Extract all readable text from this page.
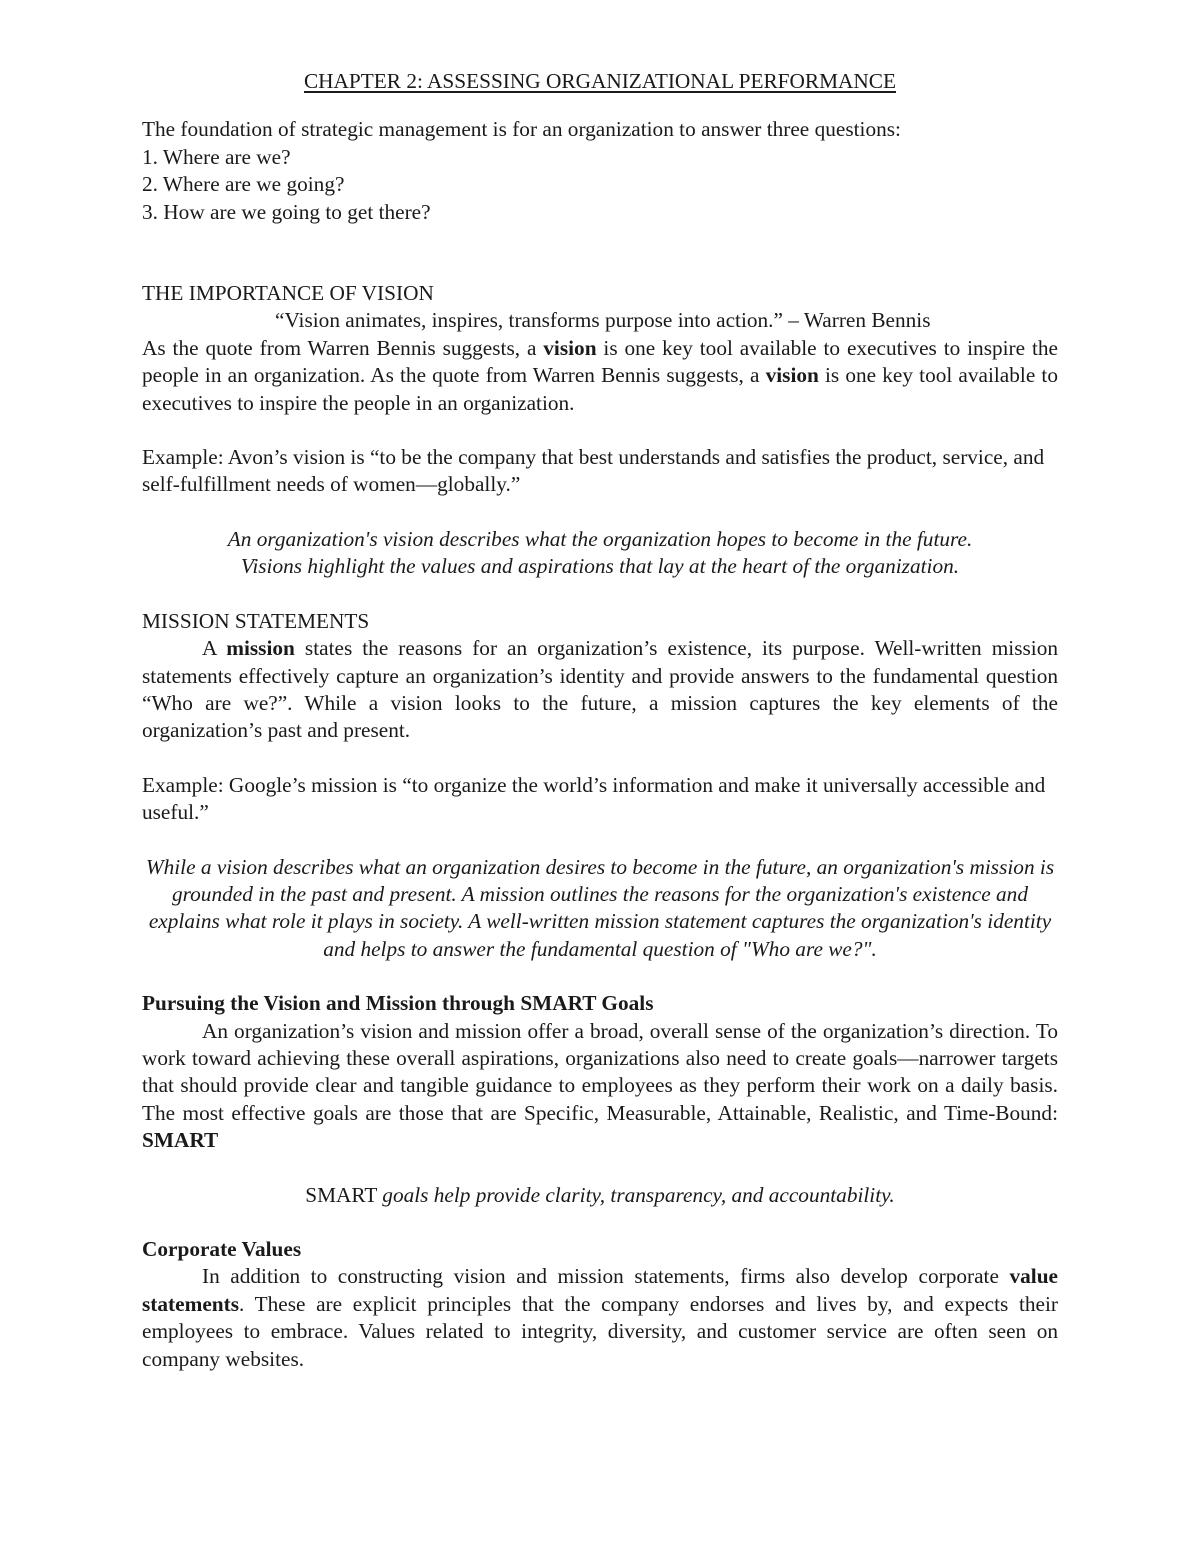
CHAPTER 2: ASSESSING ORGANIZATIONAL PERFORMANCE

The foundation of strategic management is for an organization to answer three questions:

1. Where are we?

2. Where are we going?

3. How are we going to get there?

THE IMPORTANCE OF VISION

“Vision animates, inspires, transforms purpose into action.” – Warren Bennis

As the quote from Warren Bennis suggests, a vision is one key tool available to executives to inspire the people in an organization. As the quote from Warren Bennis suggests, a vision is one key tool available to executives to inspire the people in an organization.

Example: Avon’s vision is “to be the company that best understands and satisfies the product, service, and self-fulfillment needs of women—globally.”

An organization's vision describes what the organization hopes to become in the future.

Visions highlight the values and aspirations that lay at the heart of the organization.

MISSION STATEMENTS

A mission states the reasons for an organization’s existence, its purpose. Well-written mission statements effectively capture an organization’s identity and provide answers to the fundamental question “Who are we?”. While a vision looks to the future, a mission captures the key elements of the organization’s past and present.

Example: Google’s mission is “to organize the world’s information and make it universally accessible and useful.”

While a vision describes what an organization desires to become in the future, an organization's mission is grounded in the past and present. A mission outlines the reasons for the organization's existence and explains what role it plays in society. A well-written mission statement captures the organization's identity and helps to answer the fundamental question of "Who are we?".

Pursuing the Vision and Mission through SMART Goals

An organization’s vision and mission offer a broad, overall sense of the organization’s direction. To work toward achieving these overall aspirations, organizations also need to create goals—narrower targets that should provide clear and tangible guidance to employees as they perform their work on a daily basis. The most effective goals are those that are Specific, Measurable, Attainable, Realistic, and Time-Bound: SMART

SMART goals help provide clarity, transparency, and accountability.

Corporate Values

In addition to constructing vision and mission statements, firms also develop corporate value statements. These are explicit principles that the company endorses and lives by, and expects their employees to embrace. Values related to integrity, diversity, and customer service are often seen on company websites.
